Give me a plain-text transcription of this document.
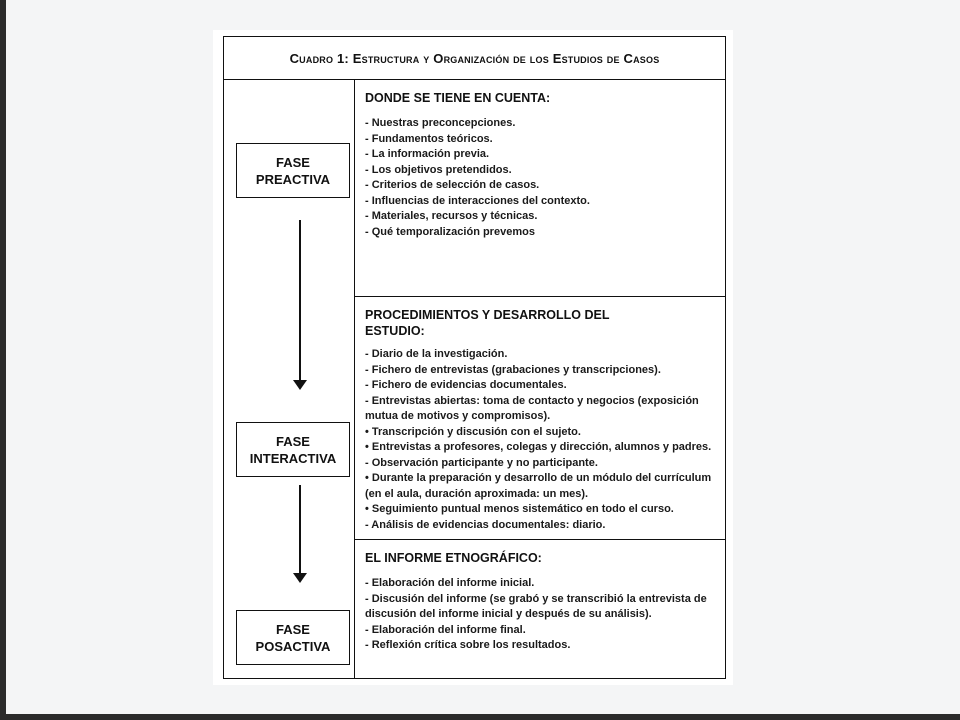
Cuadro 1: Estructura y Organización de los Estudios de Casos
FASE
PREACTIVA
FASE
INTERACTIVA
FASE
POSACTIVA
DONDE SE TIENE EN CUENTA:
- Nuestras preconcepciones.
- Fundamentos teóricos.
- La información previa.
- Los objetivos pretendidos.
- Criterios de selección de casos.
- Influencias de interacciones del contexto.
- Materiales, recursos y técnicas.
- Qué temporalización prevemos
PROCEDIMIENTOS Y DESARROLLO DEL ESTUDIO:
- Diario de la investigación.
- Fichero de entrevistas (grabaciones y transcripciones).
- Fichero de evidencias documentales.
- Entrevistas abiertas: toma de contacto y negocios (exposición mutua de motivos y compromisos).
• Transcripción y discusión con el sujeto.
• Entrevistas a profesores, colegas y dirección, alumnos y padres.
- Observación participante y no participante.
• Durante la preparación y desarrollo de un módulo del currículum (en el aula, duración aproximada: un mes).
• Seguimiento puntual menos sistemático en todo el curso.
- Análisis de evidencias documentales: diario.
EL INFORME ETNOGRÁFICO:
- Elaboración del informe inicial.
- Discusión del informe (se grabó y se transcribió la entrevista de discusión del informe inicial y después de su análisis).
- Elaboración del informe final.
- Reflexión crítica sobre los resultados.
